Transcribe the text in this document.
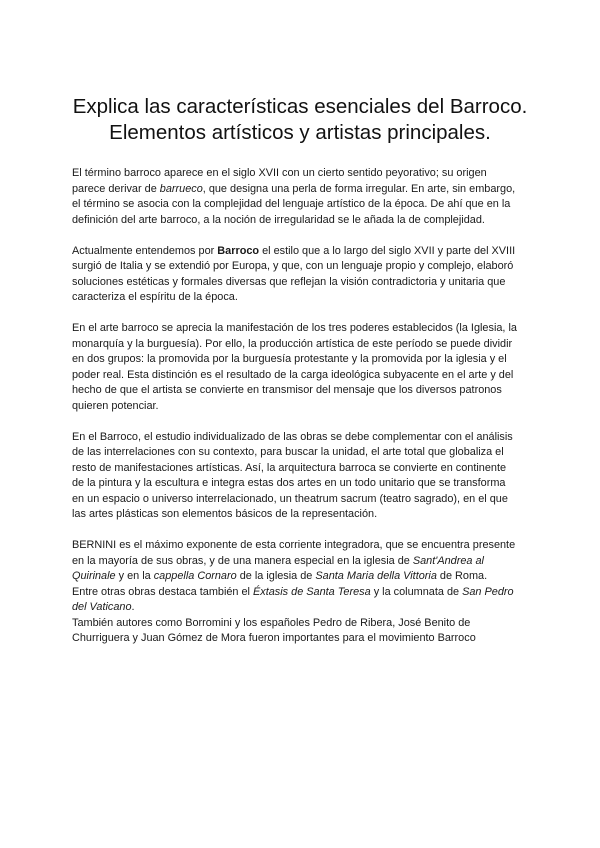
Explica las características esenciales del Barroco.
Elementos artísticos y artistas principales.
El término barroco aparece en el siglo XVII con un cierto sentido peyorativo; su origen
parece derivar de barrueco, que designa una perla de forma irregular. En arte, sin embargo,
el término se asocia con la complejidad del lenguaje artístico de la época. De ahí que en la
definición del arte barroco, a la noción de irregularidad se le añada la de complejidad.
Actualmente entendemos por Barroco el estilo que a lo largo del siglo XVII y parte del XVIII
surgió de Italia y se extendió por Europa, y que, con un lenguaje propio y complejo, elaboró
soluciones estéticas y formales diversas que reflejan la visión contradictoria y unitaria que
caracteriza el espíritu de la época.
En el arte barroco se aprecia la manifestación de los tres poderes establecidos (la Iglesia, la
monarquía y la burguesía). Por ello, la producción artística de este período se puede dividir
en dos grupos: la promovida por la burguesía protestante y la promovida por la iglesia y el
poder real. Esta distinción es el resultado de la carga ideológica subyacente en el arte y del
hecho de que el artista se convierte en transmisor del mensaje que los diversos patronos
quieren potenciar.
En el Barroco, el estudio individualizado de las obras se debe complementar con el análisis
de las interrelaciones con su contexto, para buscar la unidad, el arte total que globaliza el
resto de manifestaciones artísticas. Así, la arquitectura barroca se convierte en continente
de la pintura y la escultura e integra estas dos artes en un todo unitario que se transforma
en un espacio o universo interrelacionado, un theatrum sacrum (teatro sagrado), en el que
las artes plásticas son elementos básicos de la representación.
BERNINI es el máximo exponente de esta corriente integradora, que se encuentra presente
en la mayoría de sus obras, y de una manera especial en la iglesia de Sant'Andrea al
Quirinale y en la cappella Cornaro de la iglesia de Santa Maria della Vittoria de Roma.
Entre otras obras destaca también el Éxtasis de Santa Teresa y la columnata de San Pedro
del Vaticano.
También autores como Borromini y los españoles Pedro de Ribera, José Benito de
Churriguera y Juan Gómez de Mora fueron importantes para el movimiento Barroco
